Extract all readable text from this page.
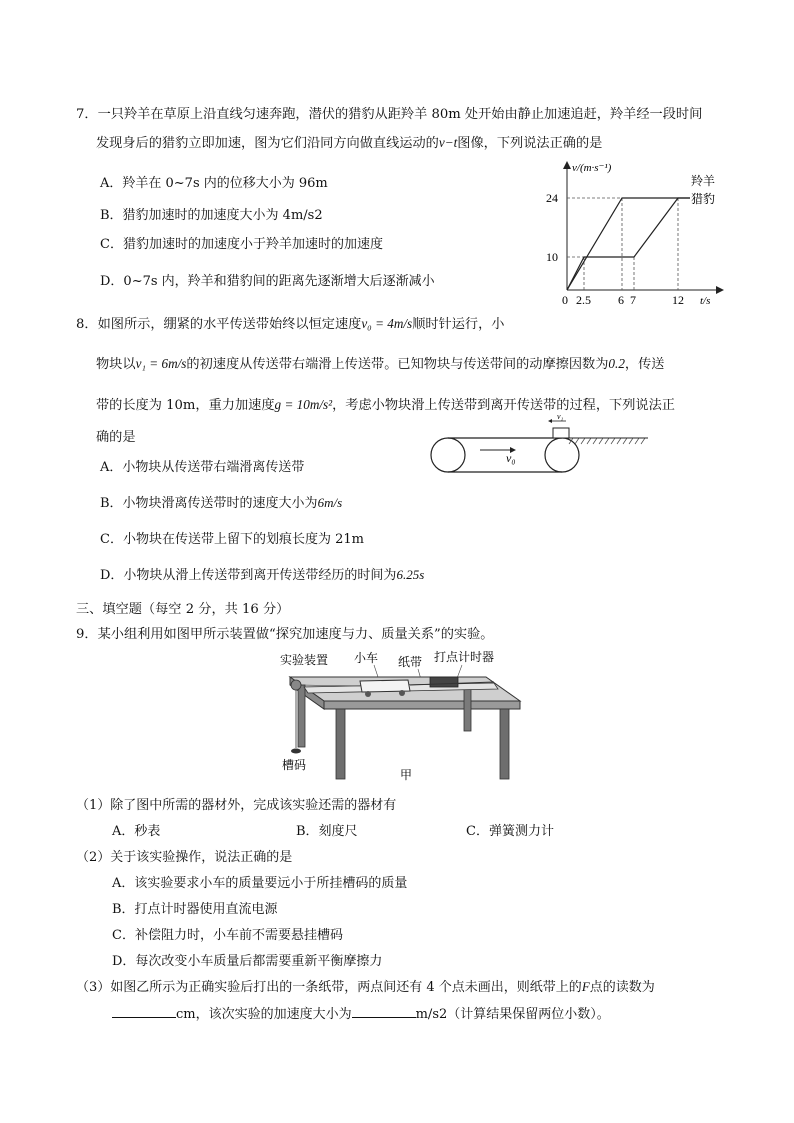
7．一只羚羊在草原上沿直线匀速奔跑，潜伏的猎豹从距羚羊 80m 处开始由静止加速追赶，羚羊经一段时间
发现身后的猎豹立即加速，图为它们沿同方向做直线运动的v−t图像，下列说法正确的是
A．羚羊在 0~7s 内的位移大小为 96m
B．猎豹加速时的加速度大小为 4m/s2
C．猎豹加速时的加速度小于羚羊加速时的加速度
D．0~7s 内，羚羊和猎豹间的距离先逐渐增大后逐渐减小
v/(m·s⁻¹)
t/s
24
10
0 2.5 6 7	12
羚羊
猎豹
8．如图所示，绷紧的水平传送带始终以恒定速度v₀ = 4m/s顺时针运行，小
物块以v₁ = 6m/s的初速度从传送带右端滑上传送带。已知物块与传送带间的动摩擦因数为0.2，传送
带的长度为 10m，重力加速度g = 10m/s²，考虑小物块滑上传送带到离开传送带的过程，下列说法正
确的是
A．小物块从传送带右端滑离传送带
B．小物块滑离传送带时的速度大小为6m/s
C．小物块在传送带上留下的划痕长度为 21m
D．小物块从滑上传送带到离开传送带经历的时间为6.25s
v₀
v₁
三、填空题（每空 2 分，共 16 分）
9．某小组利用如图甲所示装置做“探究加速度与力、质量关系”的实验。
实验装置 小车 纸带 打点计时器
槽码
甲
（1）除了图中所需的器材外，完成该实验还需的器材有
A．秒表	B．刻度尺	C．弹簧测力计
（2）关于该实验操作，说法正确的是
A．该实验要求小车的质量要远小于所挂槽码的质量
B．打点计时器使用直流电源
C．补偿阻力时，小车前不需要悬挂槽码
D．每次改变小车质量后都需要重新平衡摩擦力
（3）如图乙所示为正确实验后打出的一条纸带，两点间还有 4 个点未画出，则纸带上的F点的读数为
cm，该次实验的加速度大小为	m/s2（计算结果保留两位小数）。
